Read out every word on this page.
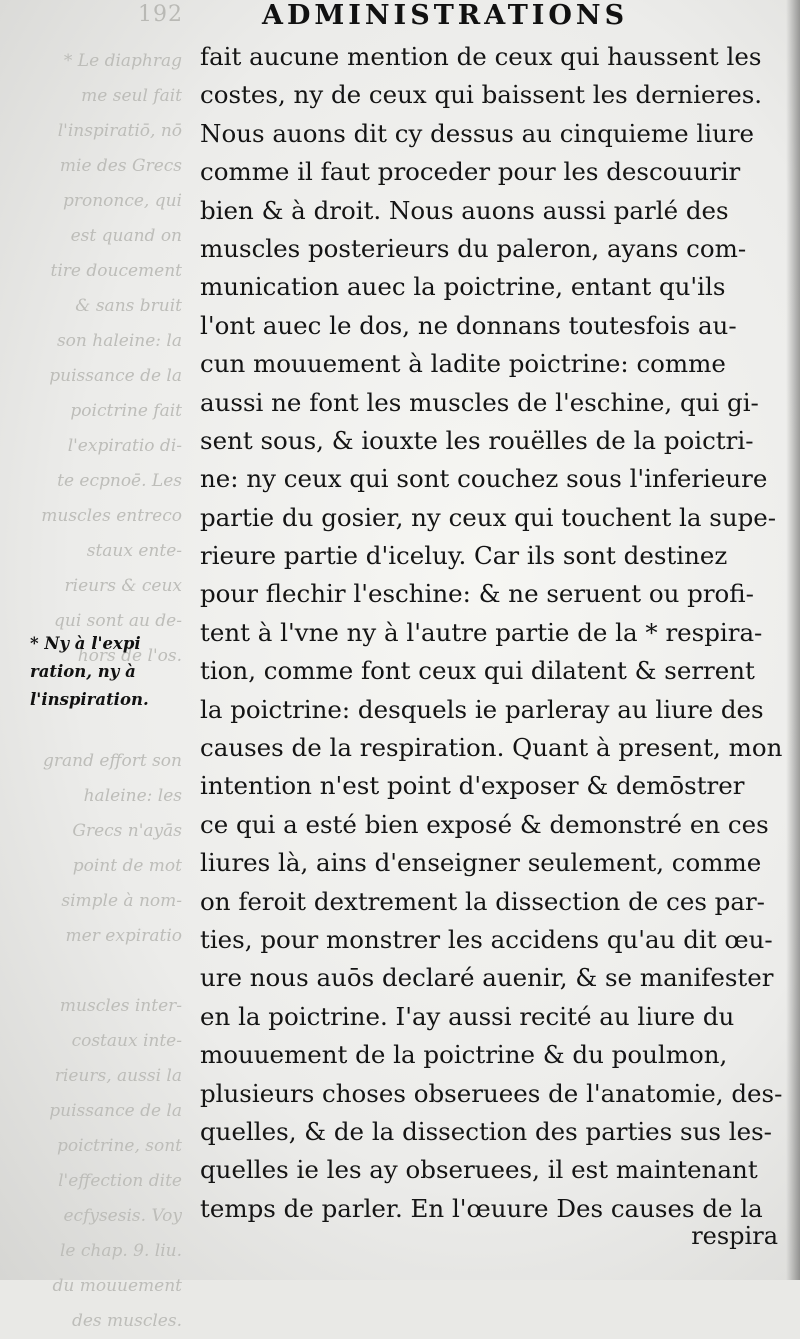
192	ADMINISTRATIONS
* Le diaphrag
me seul fait
l'inspiratiō, nō
mie des Grecs
prononce, qui
est quand on
tire doucement
& sans bruit
son haleine: la
puissance de la
poictrine fait
l'expiratio di-
te ecpnoē. Les
muscles entreco
staux ente-
rieurs & ceux
qui sont au de-
hors de l'os.

grand effort son
haleine: les
Grecs n'ayās
point de mot
simple à nom-
mer expiratio

muscles inter-
costaux inte-
rieurs, aussi la
puissance de la
poictrine, sont
l'effection dite
ecfysesis. Voy
le chap. 9. liu.
du mouuement
des muscles.
* Ny à l'expi
ration, ny à
l'inspiration.
fait aucune mention de ceux qui haussent les
costes, ny de ceux qui baissent les dernieres.
Nous auons dit cy dessus au cinquieme liure
comme il faut proceder pour les descouurir
bien & à droit. Nous auons aussi parlé des
muscles posterieurs du paleron, ayans com-
munication auec la poictrine, entant qu'ils
l'ont auec le dos, ne donnans toutesfois au-
cun mouuement à ladite poictrine: comme
aussi ne font les muscles de l'eschine, qui gi-
sent sous, & iouxte les rouëlles de la poictri-
ne: ny ceux qui sont couchez sous l'inferieure
partie du gosier, ny ceux qui touchent la supe-
rieure partie d'iceluy. Car ils sont destinez
pour flechir l'eschine: & ne seruent ou profi-
tent à l'vne ny à l'autre partie de la * respira-
tion, comme font ceux qui dilatent & serrent
la poictrine: desquels ie parleray au liure des
causes de la respiration. Quant à present, mon
intention n'est point d'exposer & demōstrer
ce qui a esté bien exposé & demonstré en ces
liures là, ains d'enseigner seulement, comme
on feroit dextrement la dissection de ces par-
ties, pour monstrer les accidens qu'au dit œu-
ure nous auōs declaré auenir, & se manifester
en la poictrine. I'ay aussi recité au liure du
mouuement de la poictrine & du poulmon,
plusieurs choses obseruees de l'anatomie, des-
quelles, & de la dissection des parties sus les-
quelles ie les ay obseruees, il est maintenant
temps de parler. En l'œuure Des causes de la
respira
